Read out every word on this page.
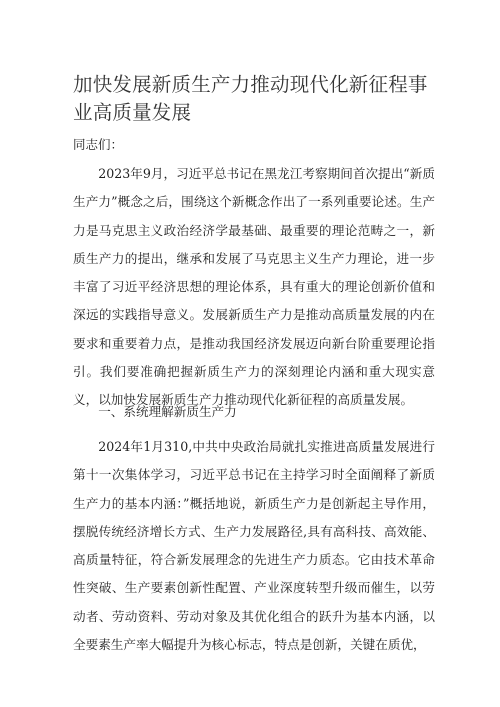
加快发展新质生产力推动现代化新征程事业高质量发展

同志们：

2023年9月，习近平总书记在黑龙江考察期间首次提出“新质生产力”概念之后，围绕这个新概念作出了一系列重要论述。生产力是马克思主义政治经济学最基础、最重要的理论范畴之一，新质生产力的提出，继承和发展了马克思主义生产力理论，进一步丰富了习近平经济思想的理论体系，具有重大的理论创新价值和深远的实践指导意义。发展新质生产力是推动高质量发展的内在要求和重要着力点，是推动我国经济发展迈向新台阶重要理论指引。我们要准确把握新质生产力的深刻理论内涵和重大现实意义，以加快发展新质生产力推动现代化新征程的高质量发展。

一、系统理解新质生产力

2024年1月310,中共中央政治局就扎实推进高质量发展进行第十一次集体学习，习近平总书记在主持学习时全面阐释了新质生产力的基本内涵：”概括地说，新质生产力是创新起主导作用，摆脱传统经济增长方式、生产力发展路径,具有高科技、高效能、高质量特征，符合新发展理念的先进生产力质态。它由技术革命性突破、生产要素创新性配置、产业深度转型升级而催生，以劳动者、劳动资料、劳动对象及其优化组合的跃升为基本内涵，以全要素生产率大幅提升为核心标志，特点是创新，关键在质优，
